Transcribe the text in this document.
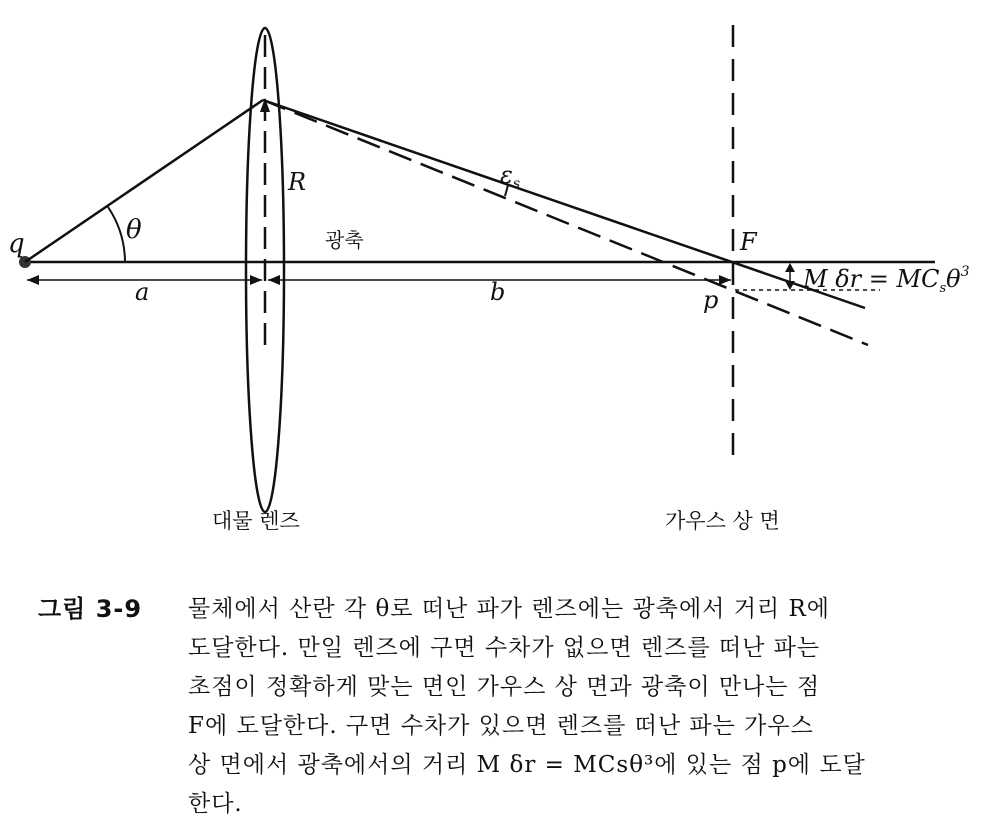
q	θ
R
광축	F
p
a	b
$\varepsilon_s$
M $\delta r = MC_s\theta^3$
대물 렌즈	가우스 상 면
그림 3-9 물체에서 산란 각 θ로 떠난 파가 렌즈에는 광축에서 거리 R에
도달한다. 만일 렌즈에 구면 수차가 없으면 렌즈를 떠난 파는
초점이 정확하게 맞는 면인 가우스 상 면과 광축이 만나는 점
F에 도달한다. 구면 수차가 있으면 렌즈를 떠난 파는 가우스
상 면에서 광축에서의 거리 M δr = MCsθ³에 있는 점 p에 도달
한다.
